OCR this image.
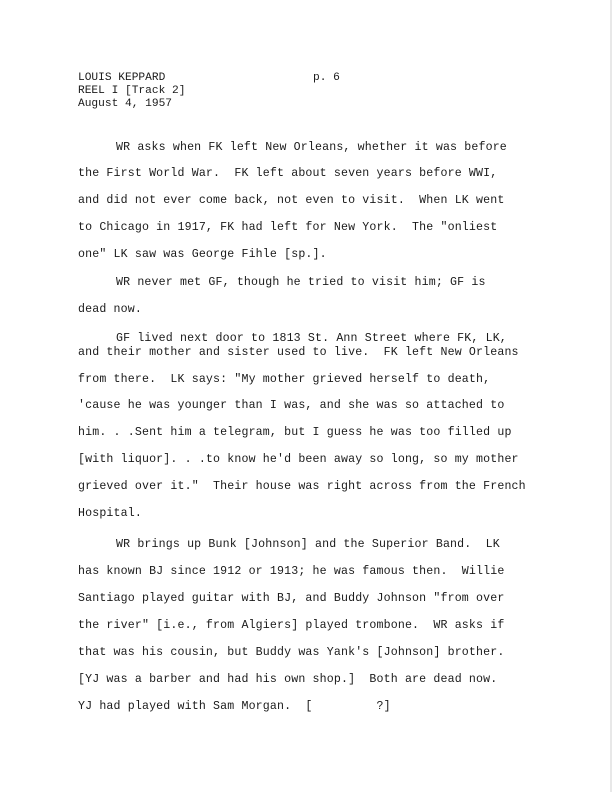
LOUIS KEPPARD	p. 6
REEL I [Track 2]
August 4, 1957
WR asks when FK left New Orleans, whether it was before
the First World War.  FK left about seven years before WWI,
and did not ever come back, not even to visit.  When LK went
to Chicago in 1917, FK had left for New York.  The "onliest
one" LK saw was George Fihle [sp.].
WR never met GF, though he tried to visit him; GF is
dead now.
GF lived next door to 1813 St. Ann Street where FK, LK,
and their mother and sister used to live.  FK left New Orleans
from there.  LK says: "My mother grieved herself to death,
'cause he was younger than I was, and she was so attached to
him. . .Sent him a telegram, but I guess he was too filled up
[with liquor]. . .to know he'd been away so long, so my mother
grieved over it."  Their house was right across from the French
Hospital.
WR brings up Bunk [Johnson] and the Superior Band.  LK
has known BJ since 1912 or 1913; he was famous then.  Willie
Santiago played guitar with BJ, and Buddy Johnson "from over
the river" [i.e., from Algiers] played trombone.  WR asks if
that was his cousin, but Buddy was Yank's [Johnson] brother.
[YJ was a barber and had his own shop.]  Both are dead now.
YJ had played with Sam Morgan.  [         ?]
